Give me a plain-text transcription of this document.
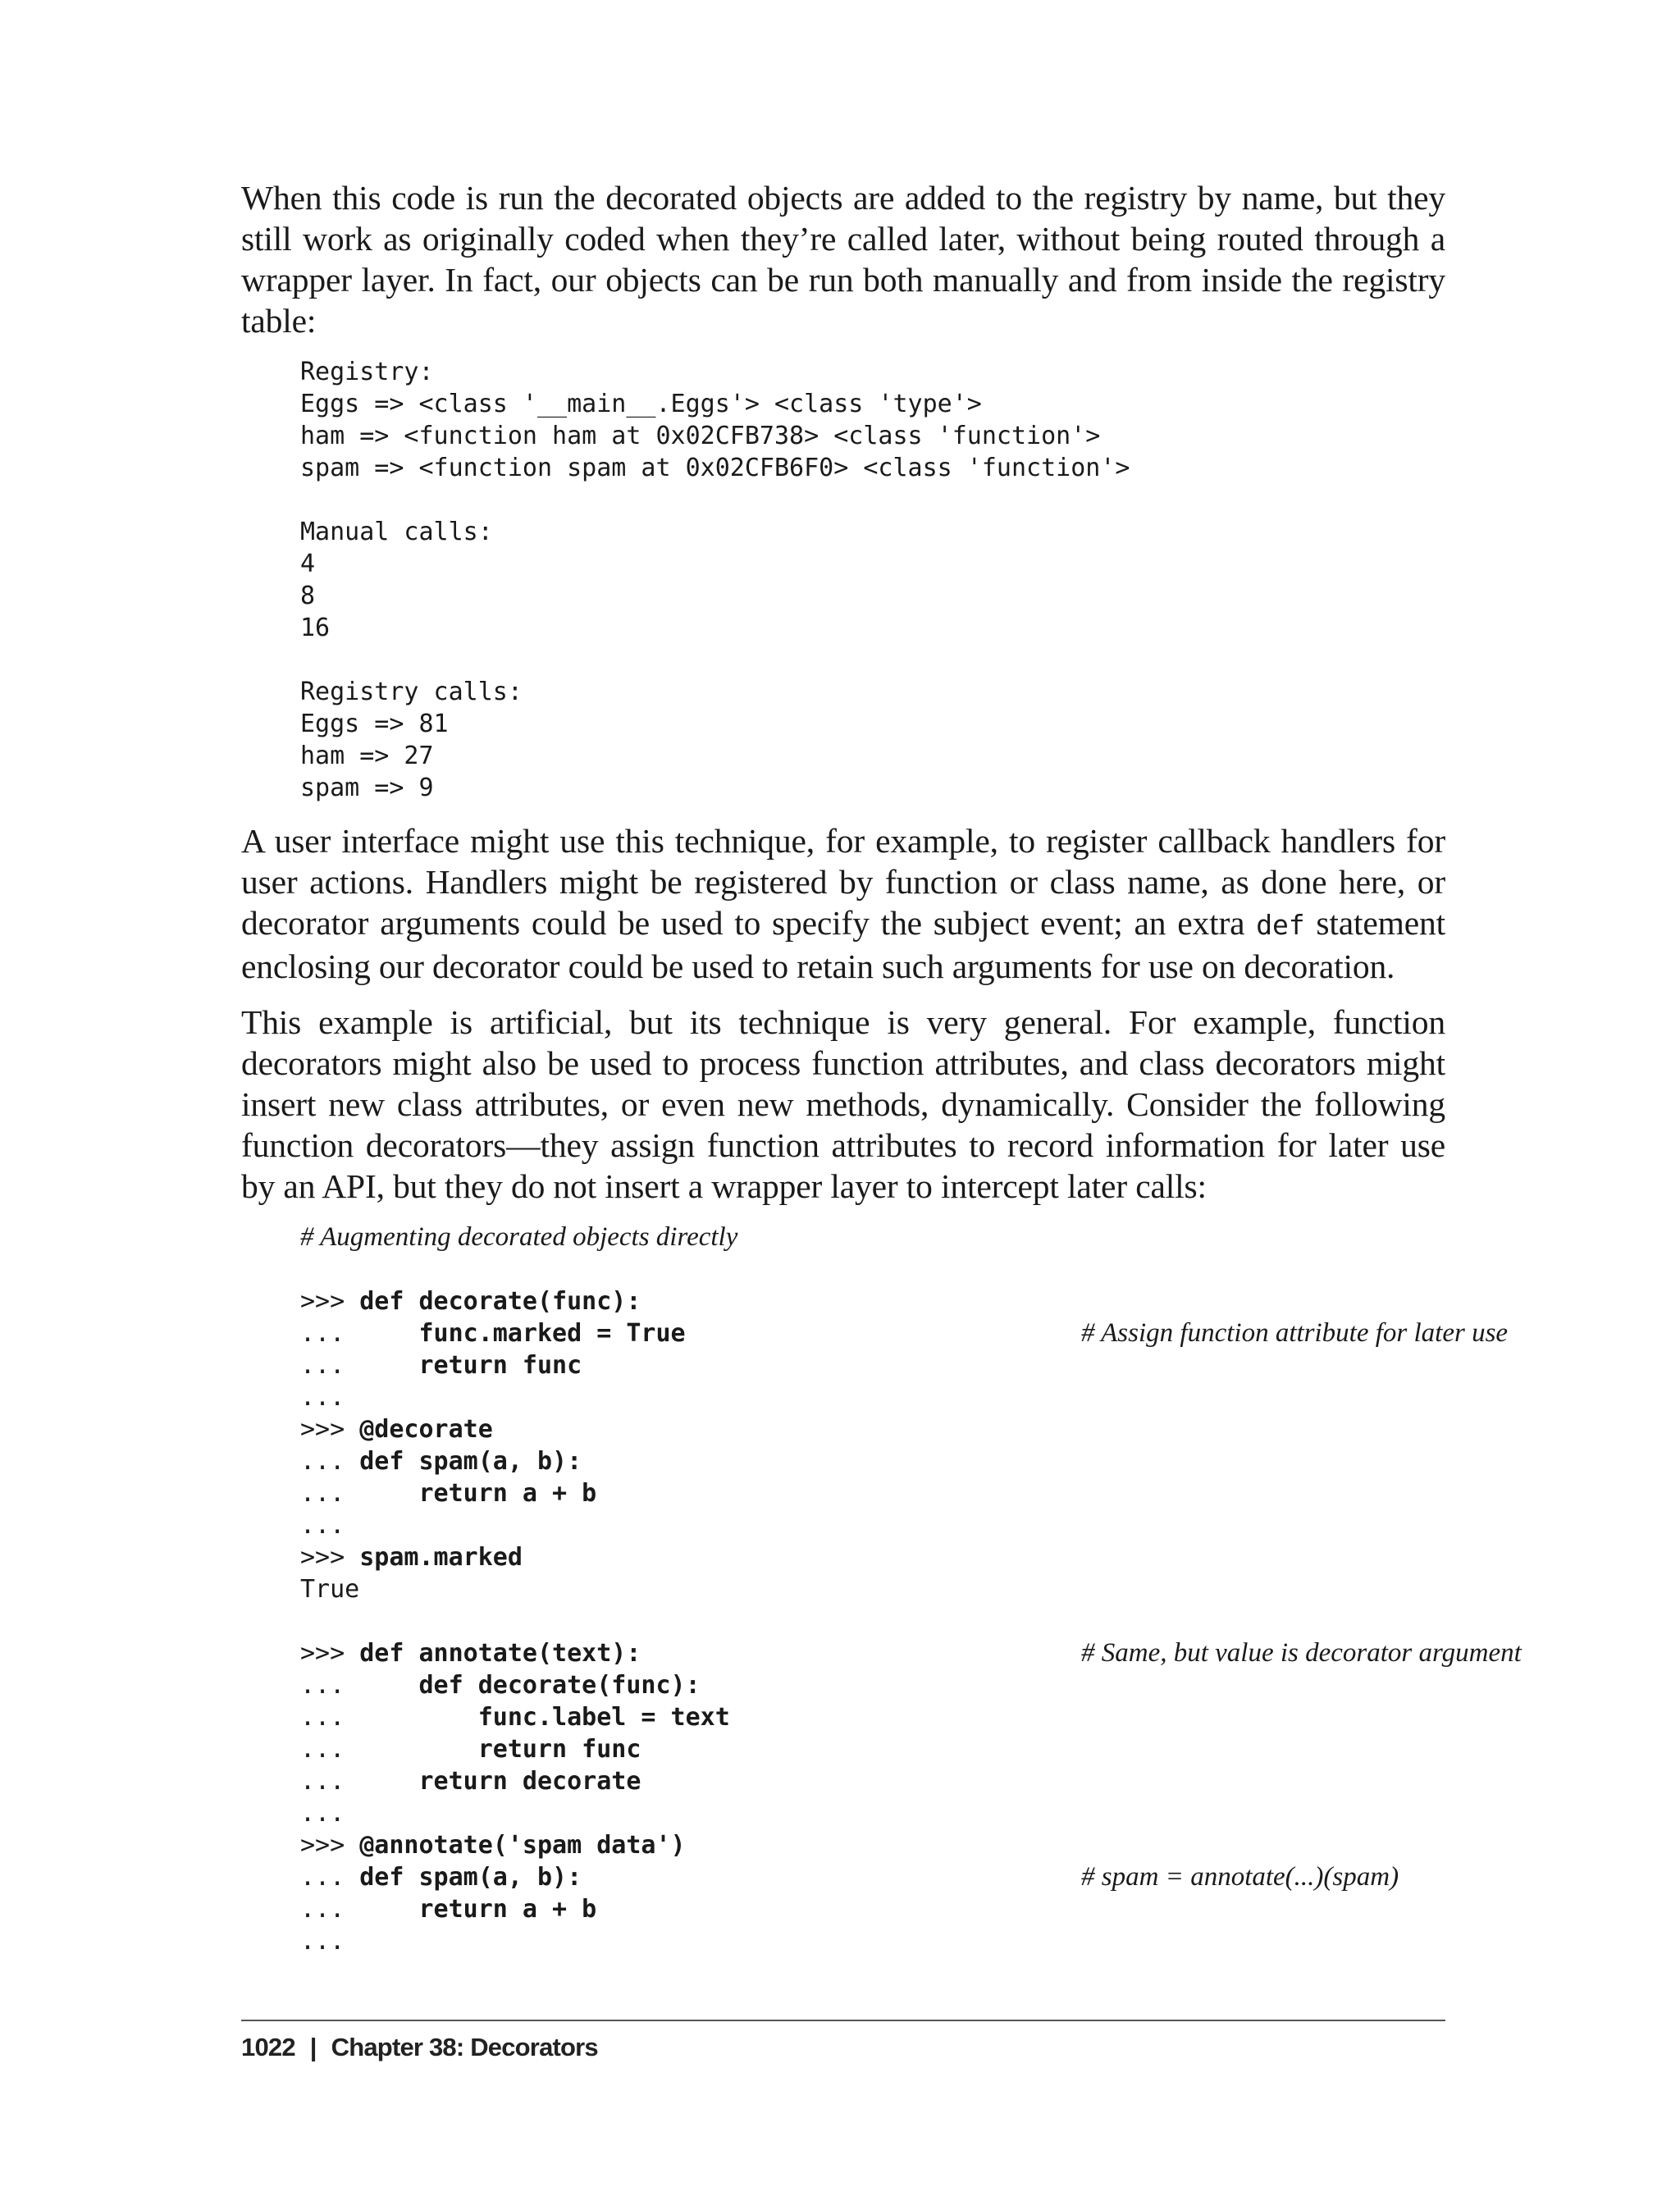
When this code is run the decorated objects are added to the registry by name, but they still work as originally coded when they’re called later, without being routed through a wrapper layer. In fact, our objects can be run both manually and from inside the registry table:

Registry:
Eggs => <class '__main__.Eggs'> <class 'type'>
ham => <function ham at 0x02CFB738> <class 'function'>
spam => <function spam at 0x02CFB6F0> <class 'function'>
Manual calls:
4
8
16
Registry calls:
Eggs => 81
ham => 27
spam => 9

A user interface might use this technique, for example, to register callback handlers for user actions. Handlers might be registered by function or class name, as done here, or decorator arguments could be used to specify the subject event; an extra def statement enclosing our decorator could be used to retain such arguments for use on decoration.

This example is artificial, but its technique is very general. For example, function decorators might also be used to process function attributes, and class decorators might insert new class attributes, or even new methods, dynamically. Consider the following function decorators—they assign function attributes to record information for later use by an API, but they do not insert a wrapper layer to intercept later calls:

# Augmenting decorated objects directly
>>> def decorate(func):
...     func.marked = True	# Assign function attribute for later use
...     return func
...
>>> @decorate
... def spam(a, b):
...     return a + b
...
>>> spam.marked
True
>>> def annotate(text):	# Same, but value is decorator argument
...     def decorate(func):
...         func.label = text
...         return func
...     return decorate
...
>>> @annotate('spam data')
... def spam(a, b):	# spam = annotate(...)(spam)
...     return a + b
...
1022 | Chapter 38: Decorators
